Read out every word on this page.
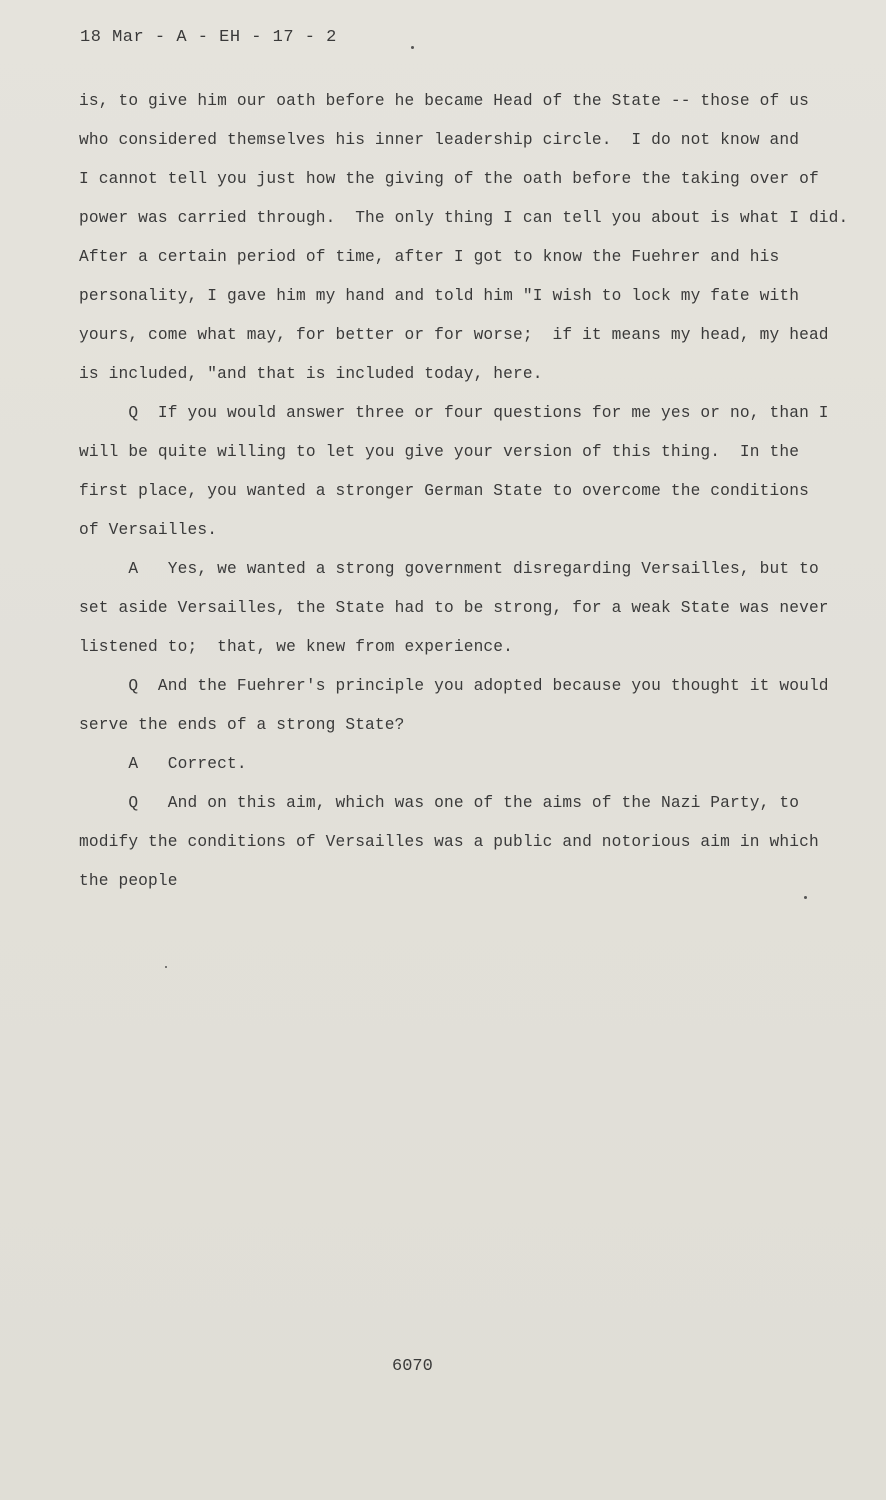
18 Mar - A - EH - 17 - 2
is, to give him our oath before he became Head of the State -- those of us
who considered themselves his inner leadership circle.  I do not know and
I cannot tell you just how the giving of the oath before the taking over of
power was carried through.  The only thing I can tell you about is what I did.
After a certain period of time, after I got to know the Fuehrer and his
personality, I gave him my hand and told him "I wish to lock my fate with
yours, come what may, for better or for worse;  if it means my head, my head
is included, "and that is included today, here.
Q  If you would answer three or four questions for me yes or no, than I
will be quite willing to let you give your version of this thing.  In the
first place, you wanted a stronger German State to overcome the conditions
of Versailles.
A   Yes, we wanted a strong government disregarding Versailles, but to
set aside Versailles, the State had to be strong, for a weak State was never
listened to;  that, we knew from experience.
Q  And the Fuehrer's principle you adopted because you thought it would
serve the ends of a strong State?
A   Correct.
Q   And on this aim, which was one of the aims of the Nazi Party, to
modify the conditions of Versailles was a public and notorious aim in which
the people
6070
